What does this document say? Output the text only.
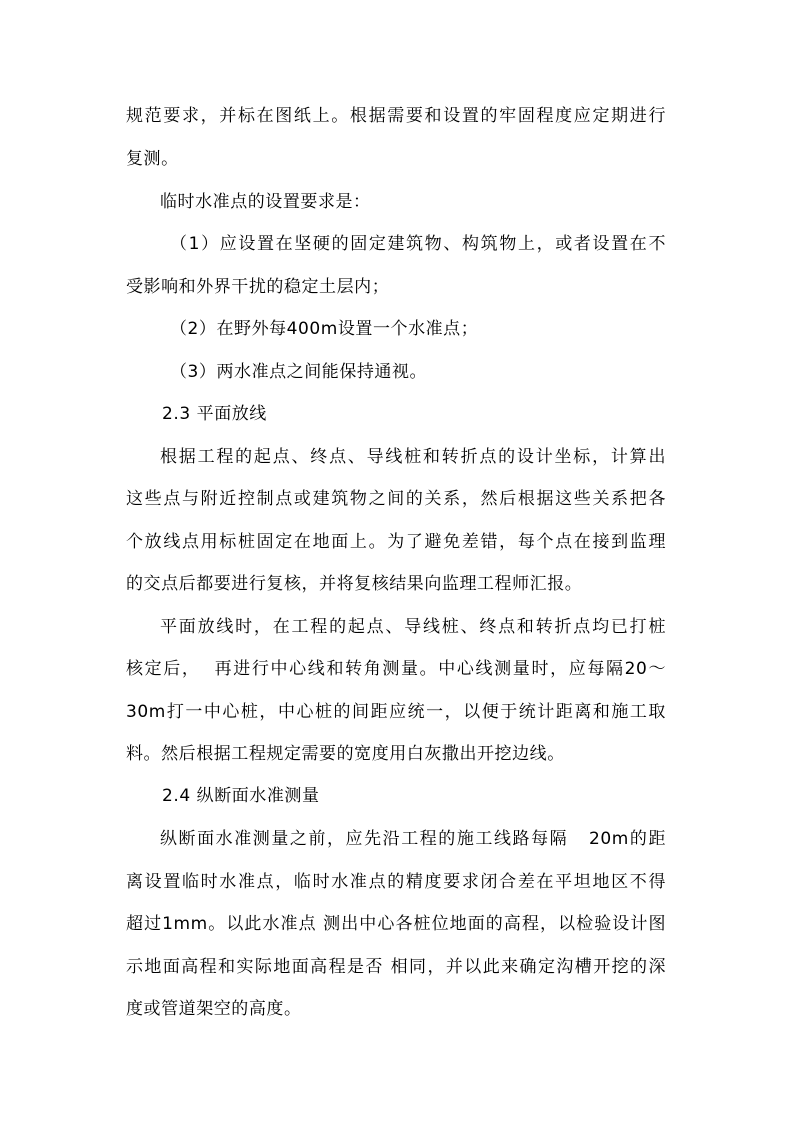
规范要求，并标在图纸上。根据需要和设置的牢固程度应定期进行
复测。
临时水准点的设置要求是：
（1）应设置在坚硬的固定建筑物、构筑物上，或者设置在不
受影响和外界干扰的稳定土层内；
（2）在野外每400m设置一个水准点；
（3）两水准点之间能保持通视。
2.3 平面放线
根据工程的起点、终点、导线桩和转折点的设计坐标，计算出
这些点与附近控制点或建筑物之间的关系，然后根据这些关系把各
个放线点用标桩固定在地面上。为了避免差错，每个点在接到监理
的交点后都要进行复核，并将复核结果向监理工程师汇报。
平面放线时，在工程的起点、导线桩、终点和转折点均已打桩
核定后，  再进行中心线和转角测量。中心线测量时，应每隔20～
30m打一中心桩，中心桩的间距应统一，以便于统计距离和施工取
料。然后根据工程规定需要的宽度用白灰撒出开挖边线。
2.4 纵断面水准测量
纵断面水准测量之前，应先沿工程的施工线路每隔   20m的距
离设置临时水准点，临时水准点的精度要求闭合差在平坦地区不得
超过1mm。以此水准点 测出中心各桩位地面的高程，以检验设计图
示地面高程和实际地面高程是否 相同，并以此来确定沟槽开挖的深
度或管道架空的高度。
